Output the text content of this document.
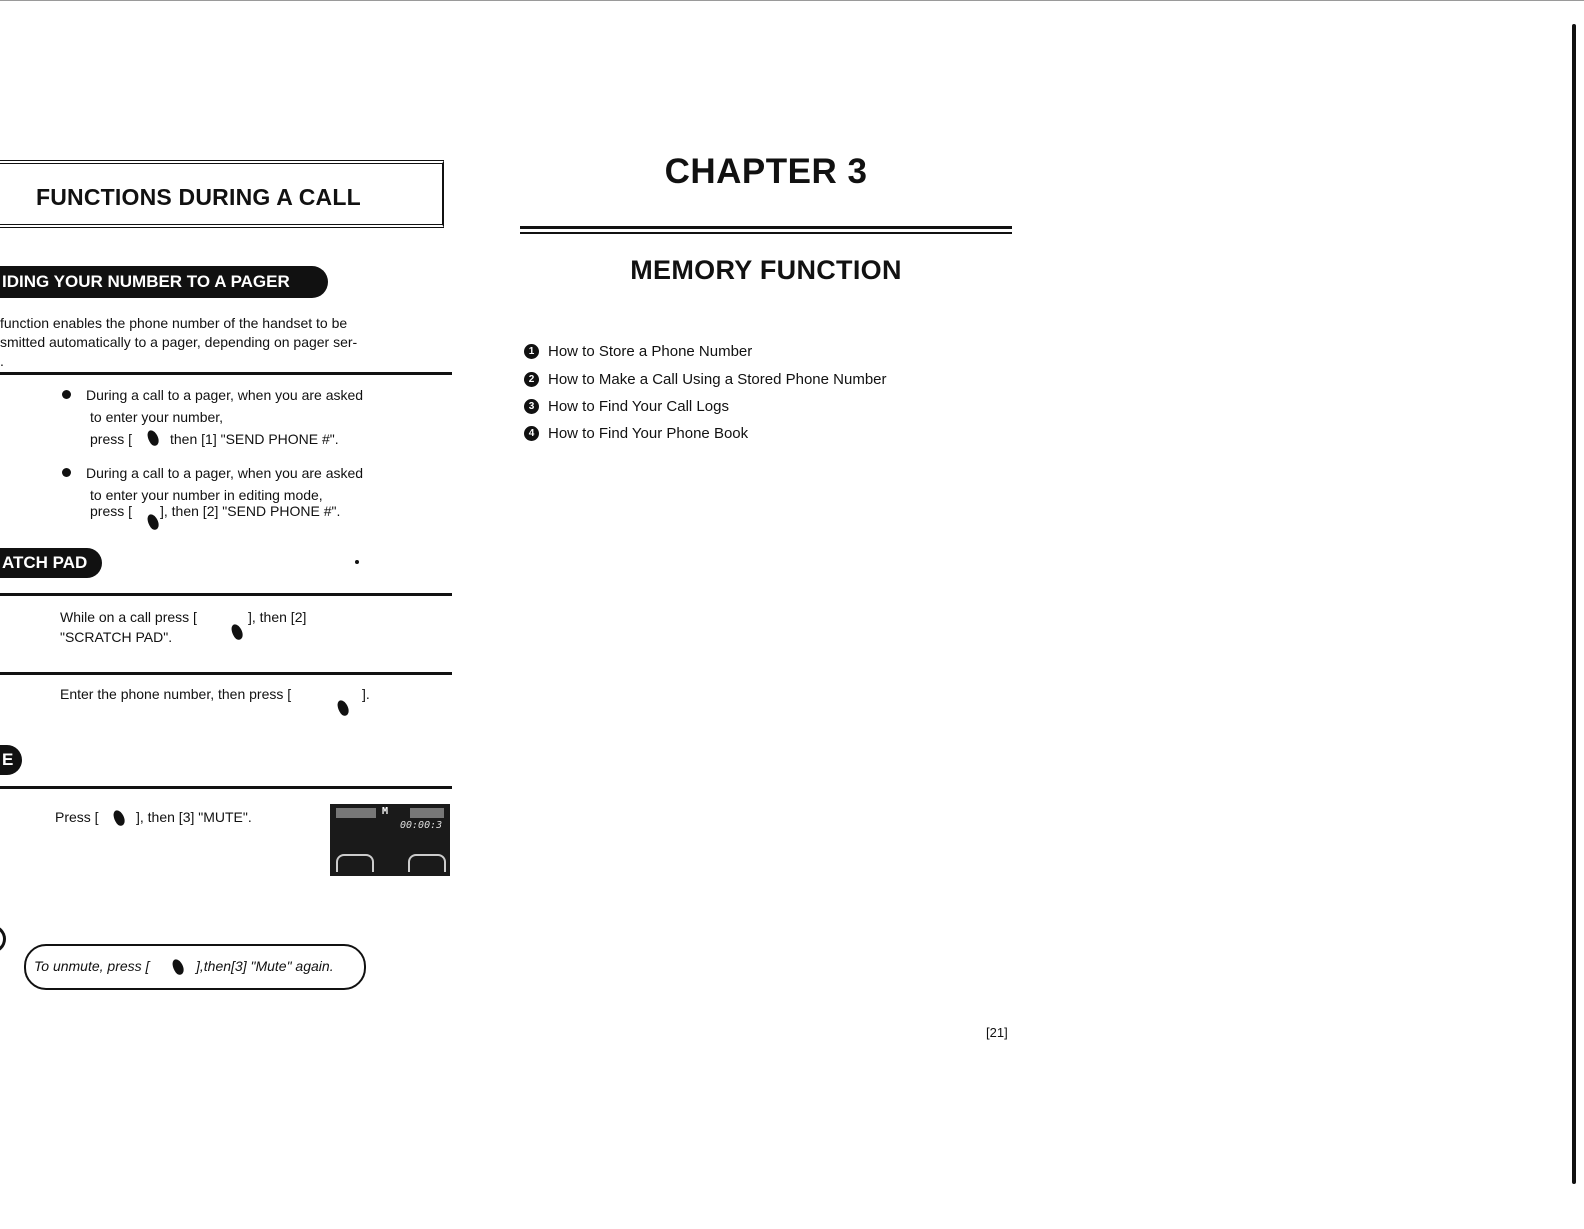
FUNCTIONS DURING A CALL
IDING YOUR NUMBER TO A PAGER
function enables the phone number of the handset to be
smitted automatically to a pager, depending on pager ser-
.
During a call to a pager, when you are asked
to enter your number,
press [	then [1] "SEND PHONE #".
During a call to a pager, when you are asked
to enter your number in editing mode,
press [ ], then [2] "SEND PHONE #".
ATCH PAD
While on a call press [	], then [2]
"SCRATCH PAD".
Enter the phone number, then press [	].
E
Press [	], then [3] "MUTE".	M
00:00:3
To unmute, press [	],then[3] "Mute" again.
CHAPTER 3
MEMORY FUNCTION
1 How to Store a Phone Number
2 How to Make a Call Using a Stored Phone Number
3 How to Find Your Call Logs
4 How to Find Your Phone Book
[21]
